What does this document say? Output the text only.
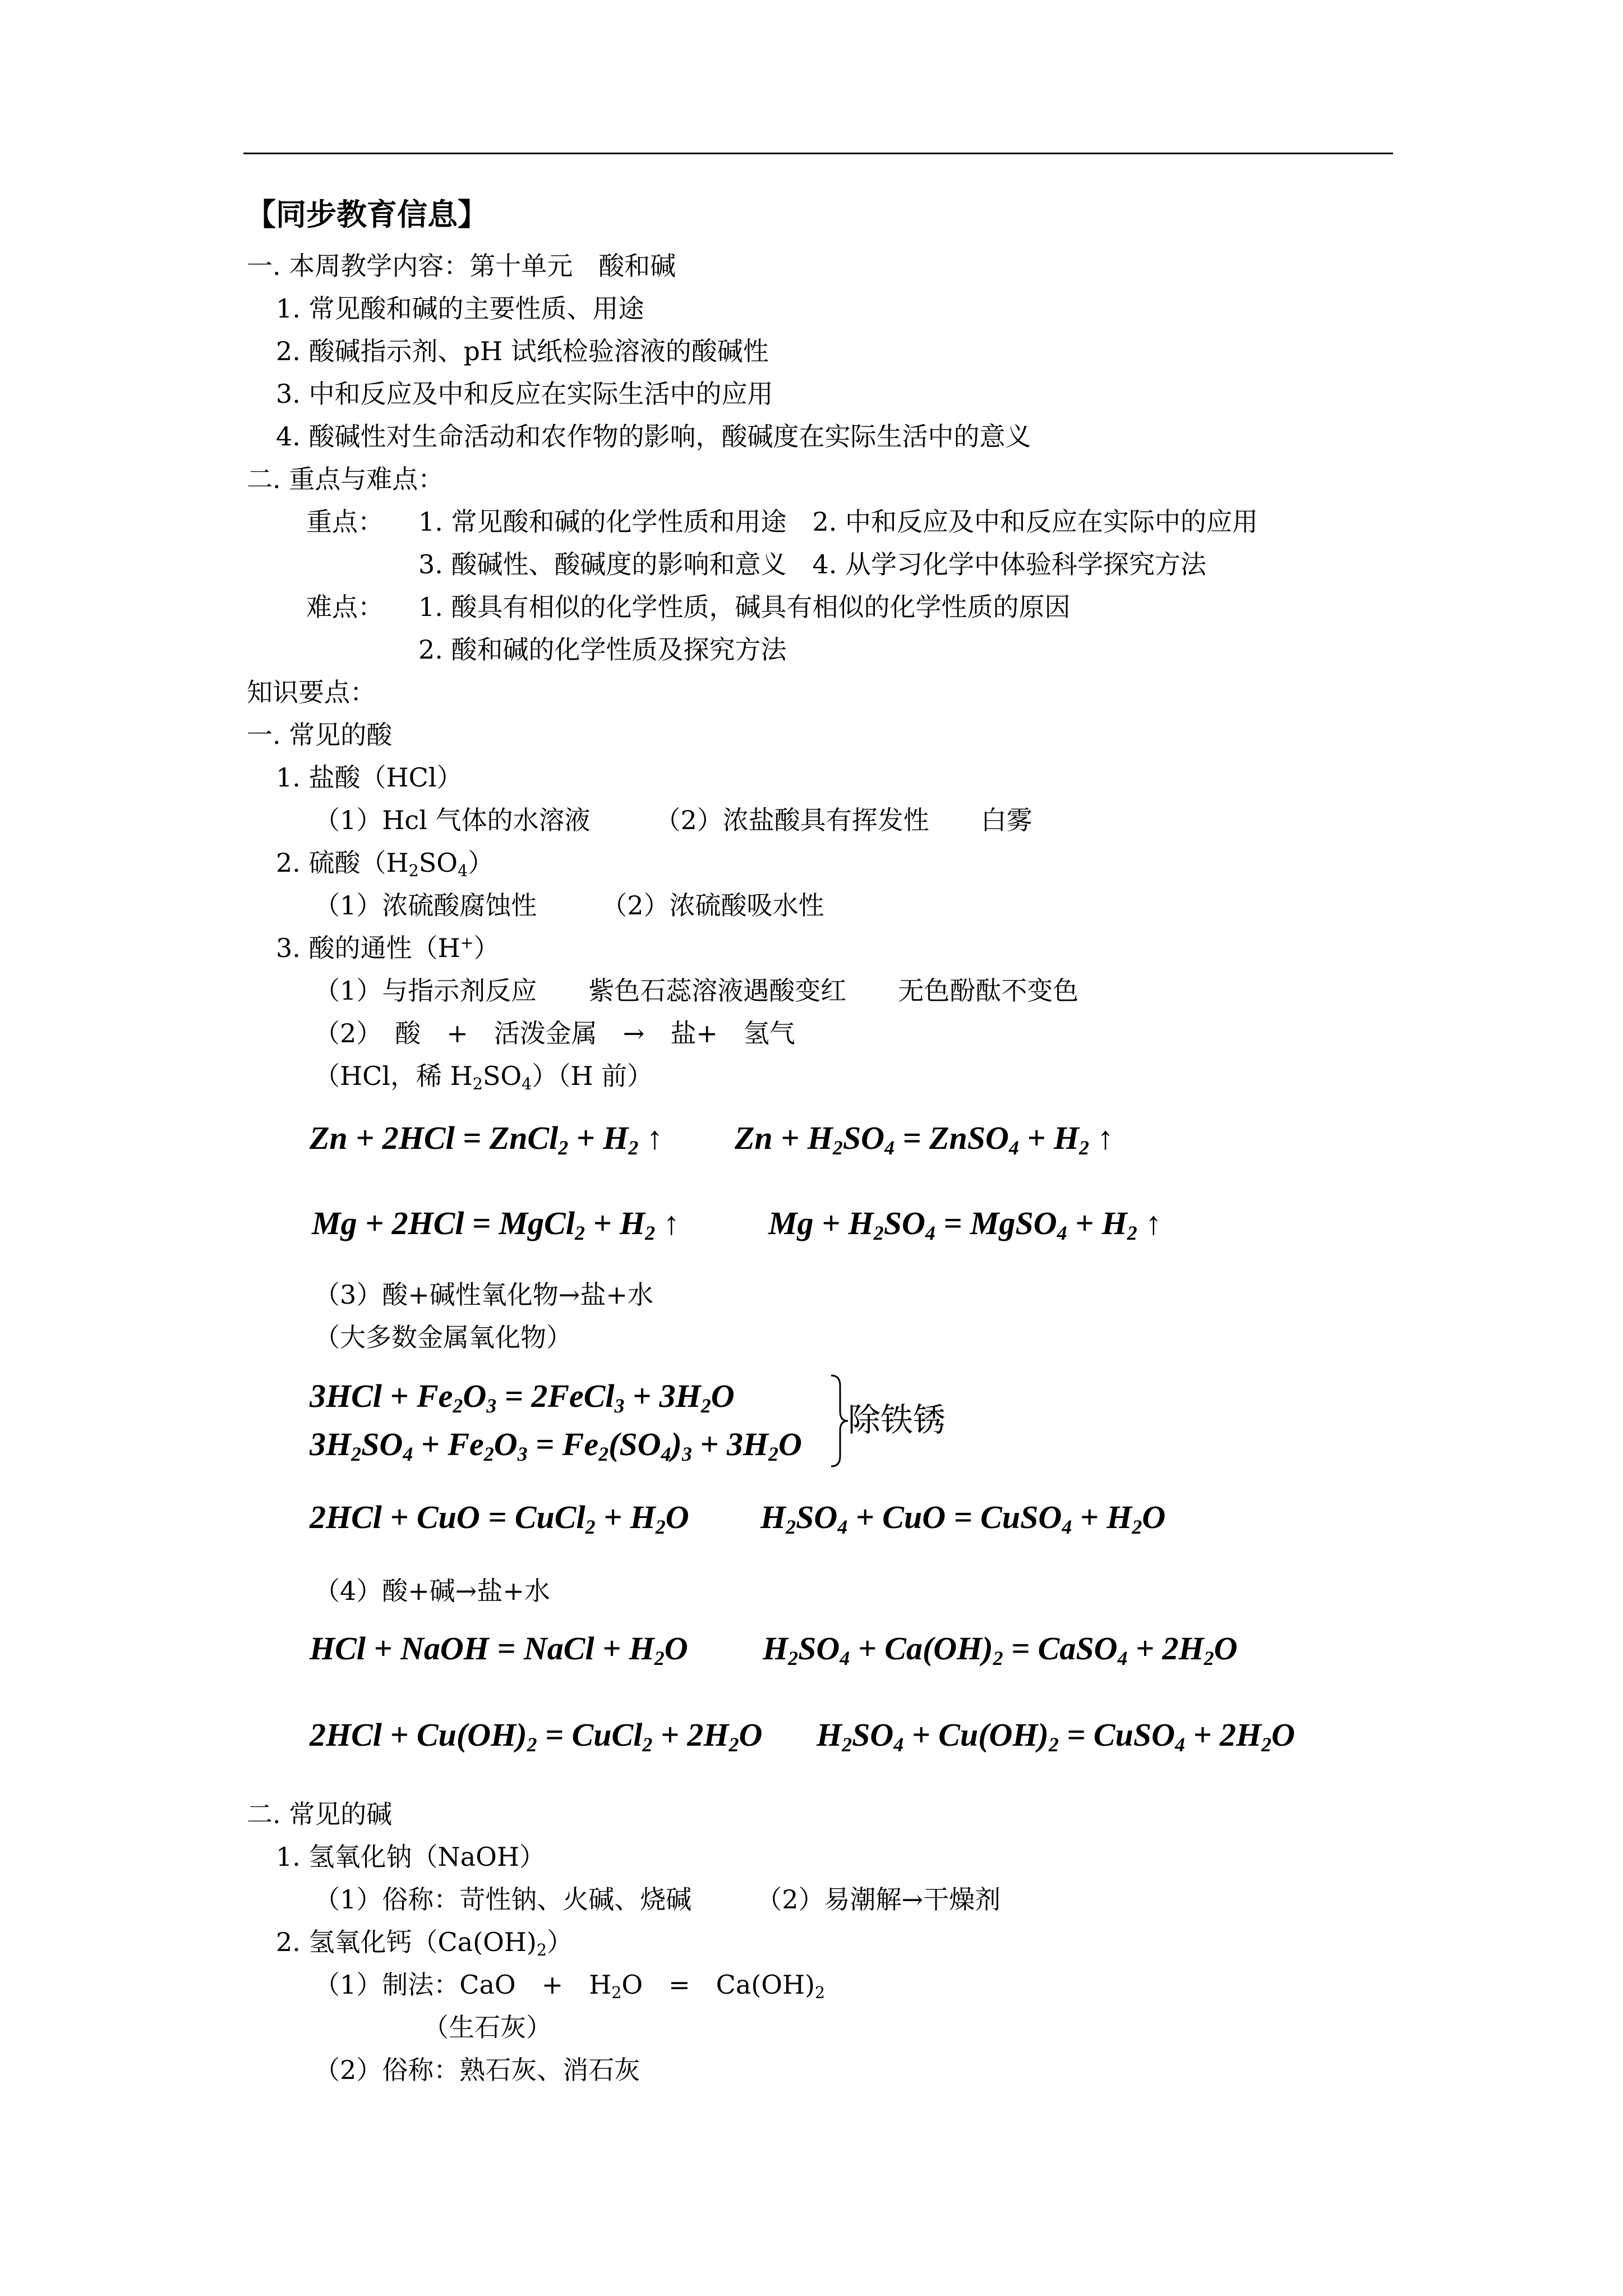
【同步教育信息】
一. 本周教学内容：第十单元　酸和碱
1. 常见酸和碱的主要性质、用途
2. 酸碱指示剂、pH 试纸检验溶液的酸碱性
3. 中和反应及中和反应在实际生活中的应用
4. 酸碱性对生命活动和农作物的影响，酸碱度在实际生活中的意义
二. 重点与难点：
重点： 1. 常见酸和碱的化学性质和用途　2. 中和反应及中和反应在实际中的应用
3. 酸碱性、酸碱度的影响和意义　4. 从学习化学中体验科学探究方法
难点： 1. 酸具有相似的化学性质，碱具有相似的化学性质的原因
2. 酸和碱的化学性质及探究方法
知识要点：
一. 常见的酸
1. 盐酸（HCl）
（1）Hcl 气体的水溶液　　　（2）浓盐酸具有挥发性　　白雾
2. 硫酸$(H_2SO_4)$
（1）浓硫酸腐蚀性　　　（2）浓硫酸吸水性
3. 酸的通性（H+）
（1）与指示剂反应　　紫色石蕊溶液遇酸变红　　无色酚酞不变色
（2）　酸　+　活泼金属　→　盐+　氢气
（HCl，稀 $H_2SO_4)(H$ 前）
Zn + 2HCl = ZnCl$_2$ + $H_2$ ↑ $Zn + H_2SO_4$ = ZnSO$_4$ + $H_2$ ↑
Mg + 2HCl = MgCl$_2$ + $H_2$ ↑	$Mg + H_2SO_4$ = MgSO$_4$ + $H_2$ ↑
（3）酸+碱性氧化物→盐+水
（大多数金属氧化物）
$3HCl + Fe_2O_3$ = 2FeCl$_3$ + $3H_2O$
$3H_2SO_4 + Fe_2O_3 = Fe_2(SO_4)_3 + 3H_2O$
除铁锈
2HCl + CuO = CuCl$_2$ + $H_2O$ $H_2SO_4$ + CuO = CuSO$_4$ + $H_2O$
（4）酸+碱→盐+水
HCl + NaOH = NaCl + $H_2O$ $H_2SO_4 + Ca(OH)_2$ = CaSO$_4$ + $2H_2O$
$2HCl + Cu(OH)_2$ = CuCl$_2$ + $2H_2O$ $H_2SO_4 + Cu(OH)_2$ = CuSO$_4$ + $2H_2O$
二. 常见的碱
1. 氢氧化钠（NaOH）
（1）俗称：苛性钠、火碱、烧碱　　　（2）易潮解→干燥剂
2. 氢氧化钙$(Ca(OH)_2)$
（1）制法：CaO　+　$H_2O$　=　$Ca(OH)_2$
（生石灰）
（2）俗称：熟石灰、消石灰
